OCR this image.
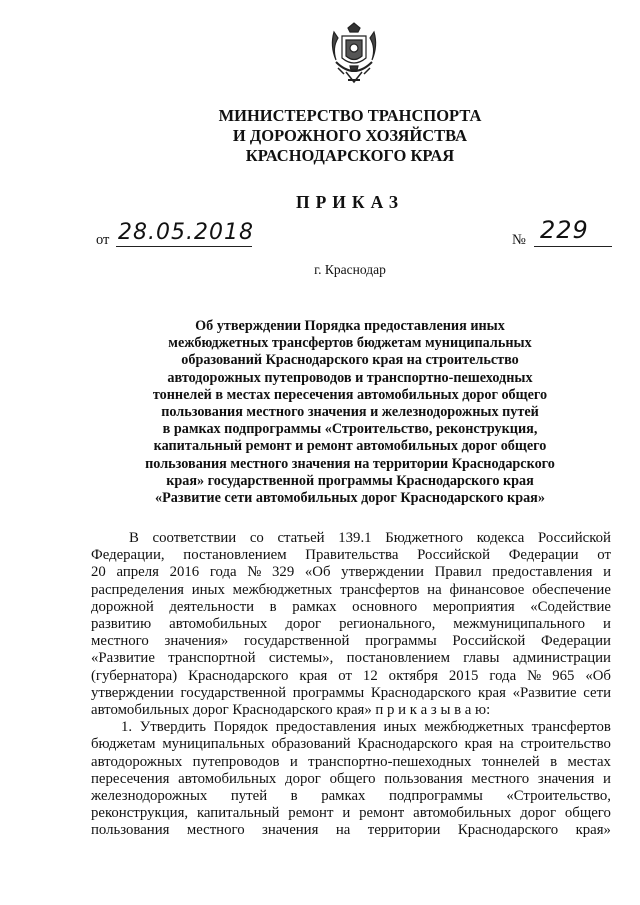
МИНИСТЕРСТВО ТРАНСПОРТА
И ДОРОЖНОГО ХОЗЯЙСТВА
КРАСНОДАРСКОГО КРАЯ
ПРИКАЗ
от 28.05.2018	№ 229
г. Краснодар
Об утверждении Порядка предоставления иных
межбюджетных трансфертов бюджетам муниципальных
образований Краснодарского края на строительство
автодорожных путепроводов и транспортно-пешеходных
тоннелей в местах пересечения автомобильных дорог общего
пользования местного значения и железнодорожных путей
в рамках подпрограммы «Строительство, реконструкция,
капитальный ремонт и ремонт автомобильных дорог общего
пользования местного значения на территории Краснодарского
края» государственной программы Краснодарского края
«Развитие сети автомобильных дорог Краснодарского края»
В соответствии со статьей 139.1 Бюджетного кодекса Российской
Федерации, постановлением Правительства Российской Федерации от
20 апреля 2016 года № 329 «Об утверждении Правил предоставления и
распределения иных межбюджетных трансфертов на финансовое обеспечение
дорожной деятельности в рамках основного мероприятия «Содействие
развитию автомобильных дорог регионального, межмуниципального и
местного значения» государственной программы Российской Федерации
«Развитие транспортной системы», постановлением главы администрации
(губернатора) Краснодарского края от 12 октября 2015 года № 965 «Об
утверждении государственной программы Краснодарского края «Развитие сети
автомобильных дорог Краснодарского края» п р и к а з ы в а ю:
1. Утвердить Порядок предоставления иных межбюджетных трансфертов
бюджетам муниципальных образований Краснодарского края на строительство
автодорожных путепроводов и транспортно-пешеходных тоннелей в местах
пересечения автомобильных дорог общего пользования местного значения и
железнодорожных путей в рамках подпрограммы «Строительство,
реконструкция, капитальный ремонт и ремонт автомобильных дорог общего
пользования местного значения на территории Краснодарского края»
